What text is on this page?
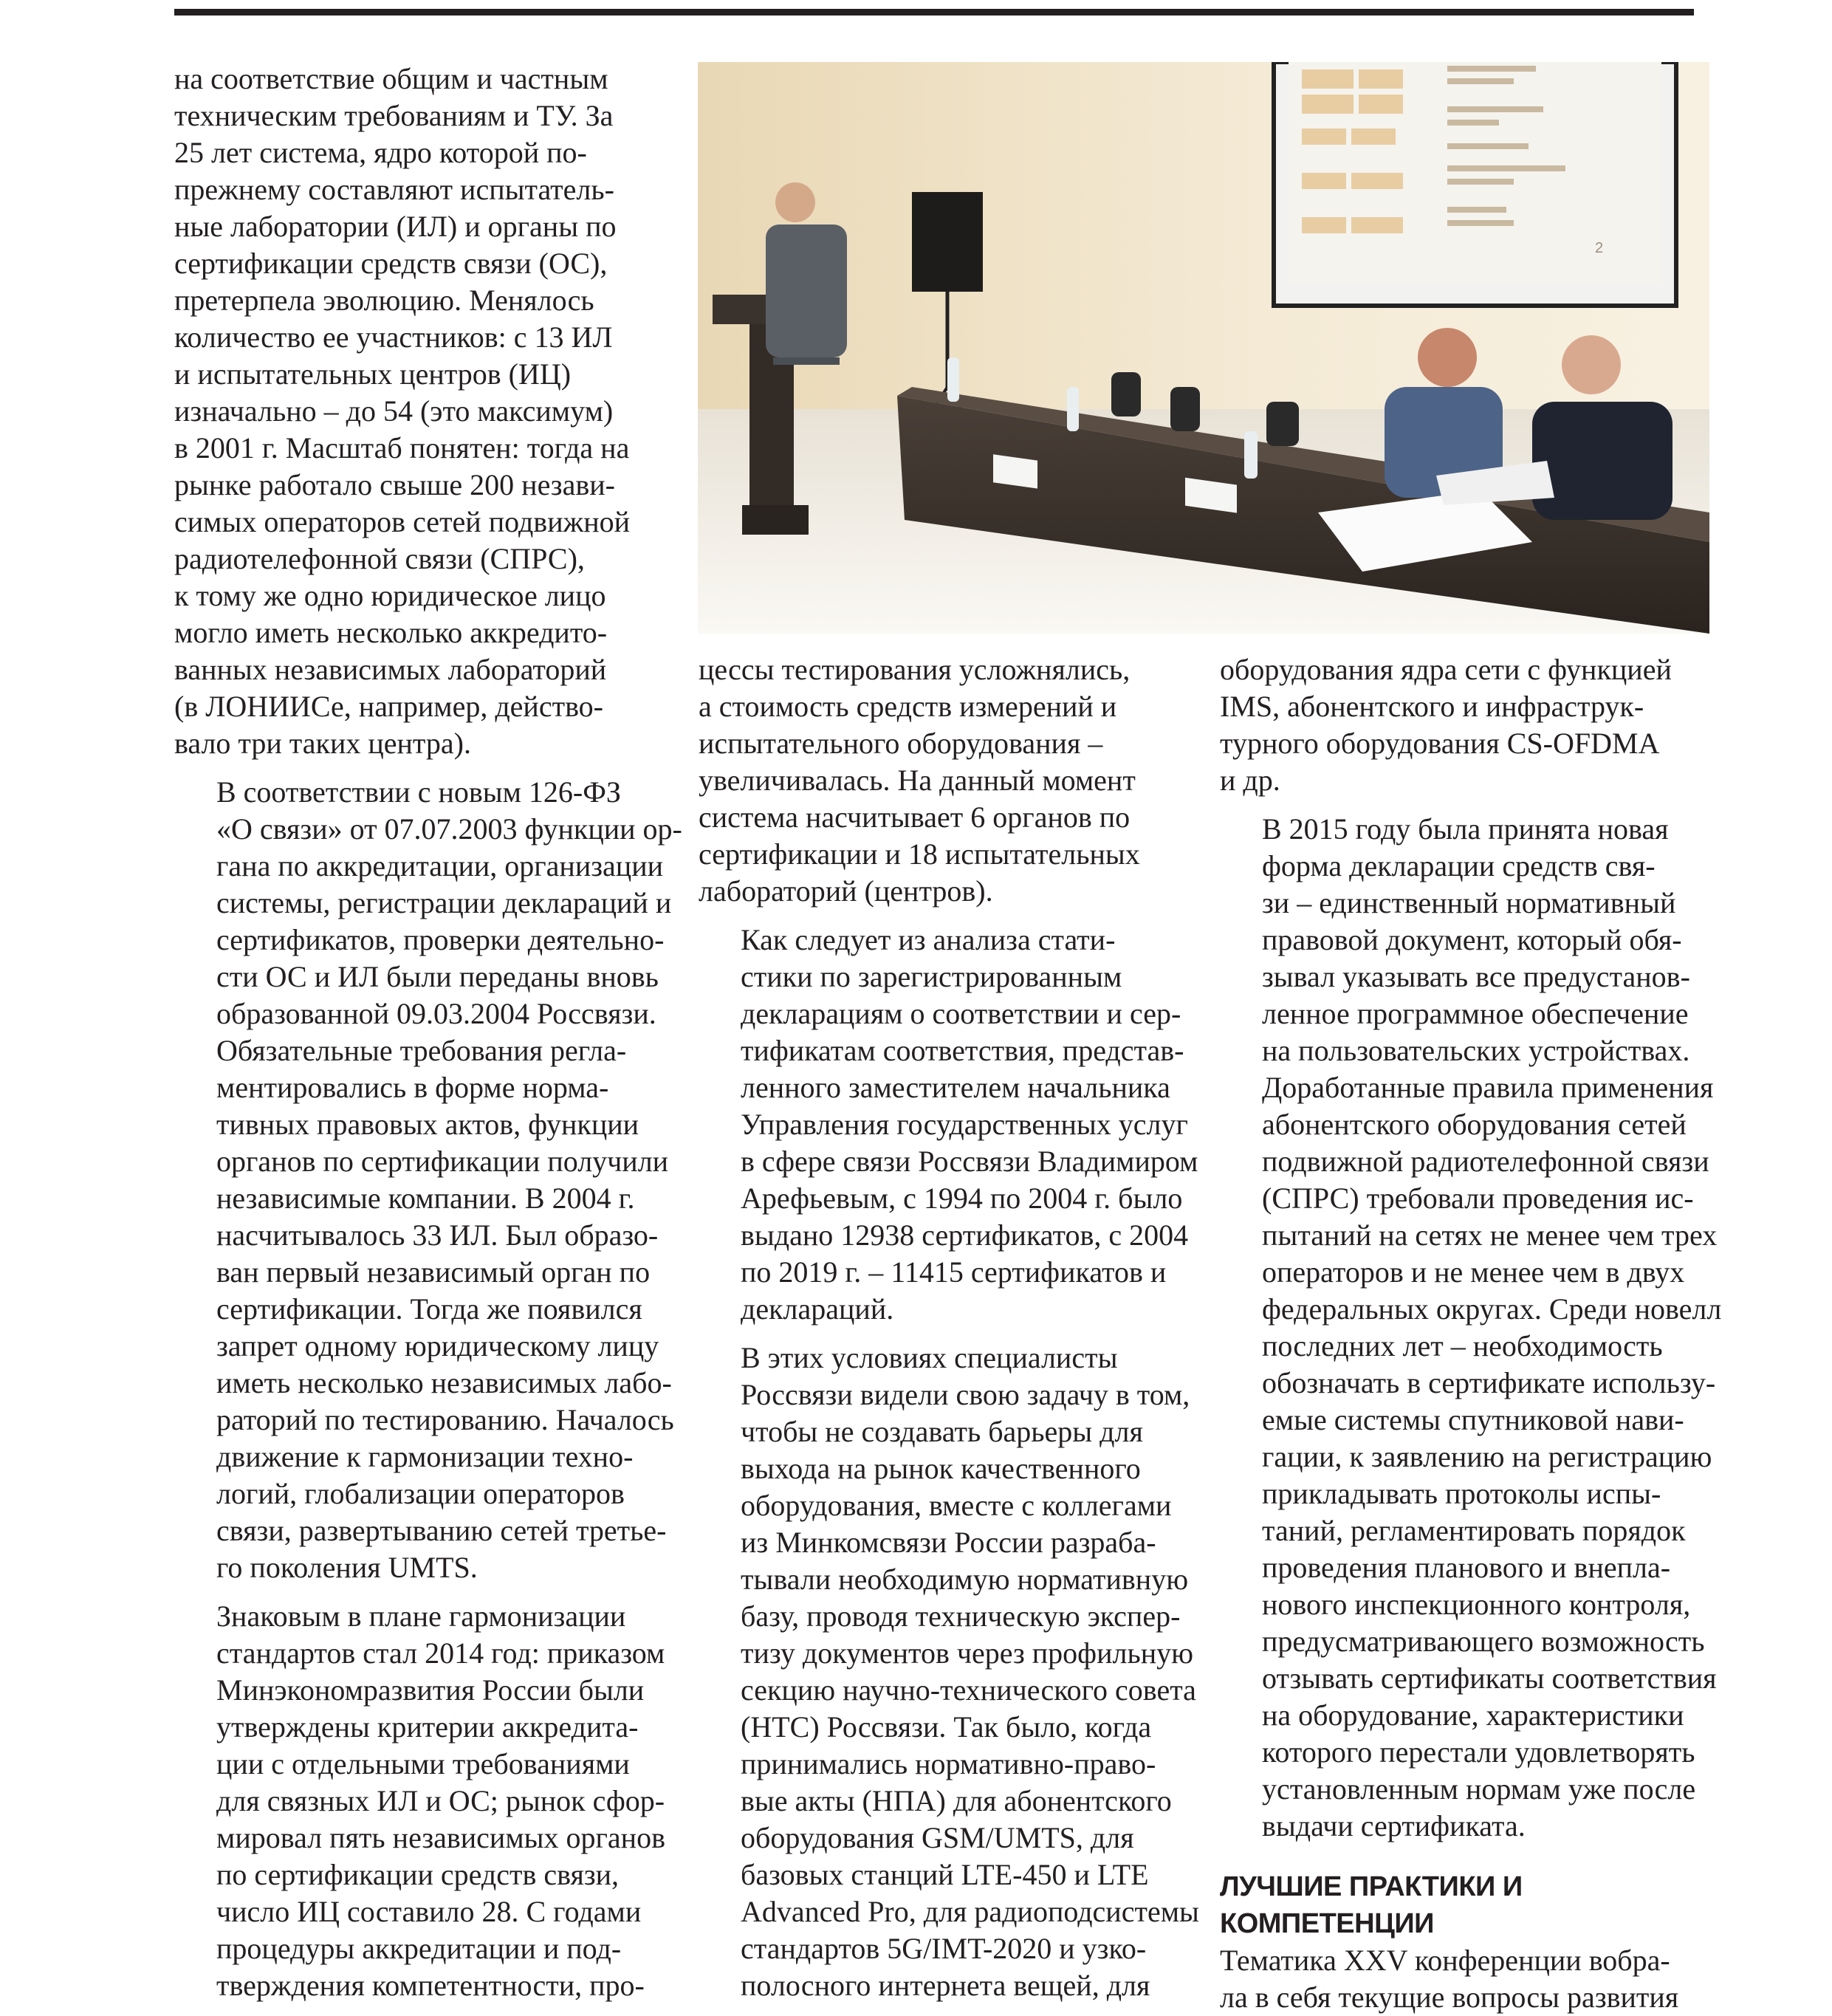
на соответствие общим и частным
техническим требованиям и ТУ. За
25 лет система, ядро которой по-
прежнему составляют испытатель-
ные лаборатории (ИЛ) и органы по
сертификации средств связи (ОС),
претерпела эволюцию. Менялось
количество ее участников: с 13 ИЛ
и испытательных центров (ИЦ)
изначально – до 54 (это максимум)
в 2001 г. Масштаб понятен: тогда на
рынке работало свыше 200 незави-
симых операторов сетей подвижной
радиотелефонной связи (СПРС),
к тому же одно юридическое лицо
могло иметь несколько аккредито-
ванных независимых лабораторий
(в ЛОНИИСе, например, действо-
вало три таких центра).

В соответствии с новым 126-ФЗ
«О связи» от 07.07.2003 функции ор-
гана по аккредитации, организации
системы, регистрации деклараций и
сертификатов, проверки деятельно-
сти ОС и ИЛ были переданы вновь
образованной 09.03.2004 Россвязи.
Обязательные требования регла-
ментировались в форме норма-
тивных правовых актов, функции
органов по сертификации получили
независимые компании. В 2004 г.
насчитывалось 33 ИЛ. Был образо-
ван первый независимый орган по
сертификации. Тогда же появился
запрет одному юридическому лицу
иметь несколько независимых лабо-
раторий по тестированию. Началось
движение к гармонизации техно-
логий, глобализации операторов
связи, развертыванию сетей третье-
го поколения UMTS.

Знаковым в плане гармонизации
стандартов стал 2014 год: приказом
Минэкономразвития России были
утверждены критерии аккредита-
ции с отдельными требованиями
для связных ИЛ и ОС; рынок сфор-
мировал пять независимых органов
по сертификации средств связи,
число ИЦ составило 28. С годами
процедуры аккредитации и под-
тверждения компетентности, про-

2

цессы тестирования усложнялись,
а стоимость средств измерений и
испытательного оборудования –
увеличивалась. На данный момент
система насчитывает 6 органов по
сертификации и 18 испытательных
лабораторий (центров).

Как следует из анализа стати-
стики по зарегистрированным
декларациям о соответствии и сер-
тификатам соответствия, представ-
ленного заместителем начальника
Управления государственных услуг
в сфере связи Россвязи Владимиром
Арефьевым, с 1994 по 2004 г. было
выдано 12938 сертификатов, с 2004
по 2019 г. – 11415 сертификатов и
деклараций.

В этих условиях специалисты
Россвязи видели свою задачу в том,
чтобы не создавать барьеры для
выхода на рынок качественного
оборудования, вместе с коллегами
из Минкомсвязи России разраба-
тывали необходимую нормативную
базу, проводя техническую экспер-
тизу документов через профильную
секцию научно-технического совета
(НТС) Россвязи. Так было, когда
принимались нормативно-право-
вые акты (НПА) для абонентского
оборудования GSM/UMTS, для
базовых станций LTE-450 и LTE
Advanced Pro, для радиоподсистемы
стандартов 5G/IMT-2020 и узко-
полосного интернета вещей, для

оборудования ядра сети с функцией
IMS, абонентского и инфраструк-
турного оборудования CS-OFDMA
и др.

В 2015 году была принята новая
форма декларации средств свя-
зи – единственный нормативный
правовой документ, который обя-
зывал указывать все предустанов-
ленное программное обеспечение
на пользовательских устройствах.
Доработанные правила применения
абонентского оборудования сетей
подвижной радиотелефонной связи
(СПРС) требовали проведения ис-
пытаний на сетях не менее чем трех
операторов и не менее чем в двух
федеральных округах. Среди новелл
последних лет – необходимость
обозначать в сертификате использу-
емые системы спутниковой нави-
гации, к заявлению на регистрацию
прикладывать протоколы испы-
таний, регламентировать порядок
проведения планового и внепла-
нового инспекционного контроля,
предусматривающего возможность
отзывать сертификаты соответствия
на оборудование, характеристики
которого перестали удовлетворять
установленным нормам уже после
выдачи сертификата.

ЛУЧШИЕ ПРАКТИКИ И КОМПЕТЕНЦИИ

Тематика XXV конференции вобра-
ла в себя текущие вопросы развития
